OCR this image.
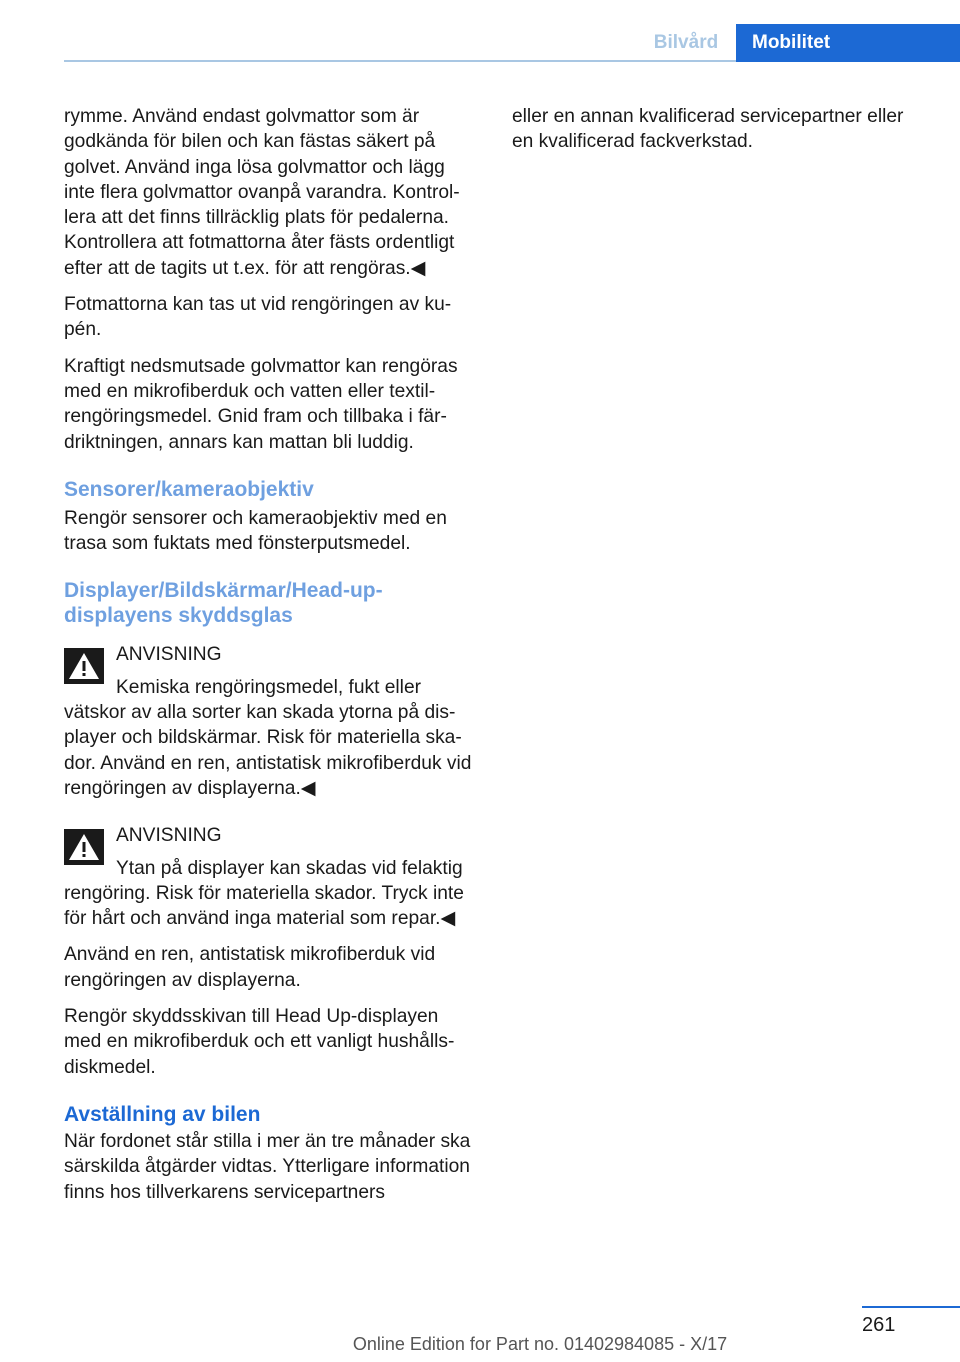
Bilvård	Mobilitet
rymme. Använd endast golvmattor som är godkända för bilen och kan fästas säkert på golvet. Använd inga lösa golvmattor och lägg inte flera golvmattor ovanpå varandra. Kontrollera att det finns tillräcklig plats för pedalerna. Kontrollera att fotmattorna åter fästs ordentligt efter att de tagits ut t.ex. för att rengöras.◀
Fotmattorna kan tas ut vid rengöringen av kupén.
Kraftigt nedsmutsade golvmattor kan rengöras med en mikrofiberduk och vatten eller textilrengöringsmedel. Gnid fram och tillbaka i färdriktningen, annars kan mattan bli luddig.
Sensorer/kameraobjektiv
Rengör sensorer och kameraobjektiv med en trasa som fuktats med fönsterputsmedel.
Displayer/Bildskärmar/Head-up-displayens skyddsglas
ANVISNING
Kemiska rengöringsmedel, fukt eller
vätskor av alla sorter kan skada ytorna på displayer och bildskärmar. Risk för materiella skador. Använd en ren, antistatisk mikrofiberduk vid rengöringen av displayerna.◀
ANVISNING
Ytan på displayer kan skadas vid felaktig
rengöring. Risk för materiella skador. Tryck inte för hårt och använd inga material som repar.◀
Använd en ren, antistatisk mikrofiberduk vid rengöringen av displayerna.
Rengör skyddsskivan till Head Up-displayen med en mikrofiberduk och ett vanligt hushållsdiskmedel.
Avställning av bilen
När fordonet står stilla i mer än tre månader ska särskilda åtgärder vidtas. Ytterligare information finns hos tillverkarens servicepartners
eller en annan kvalificerad servicepartner eller en kvalificerad fackverkstad.
261
Online Edition for Part no. 01402984085 - X/17
